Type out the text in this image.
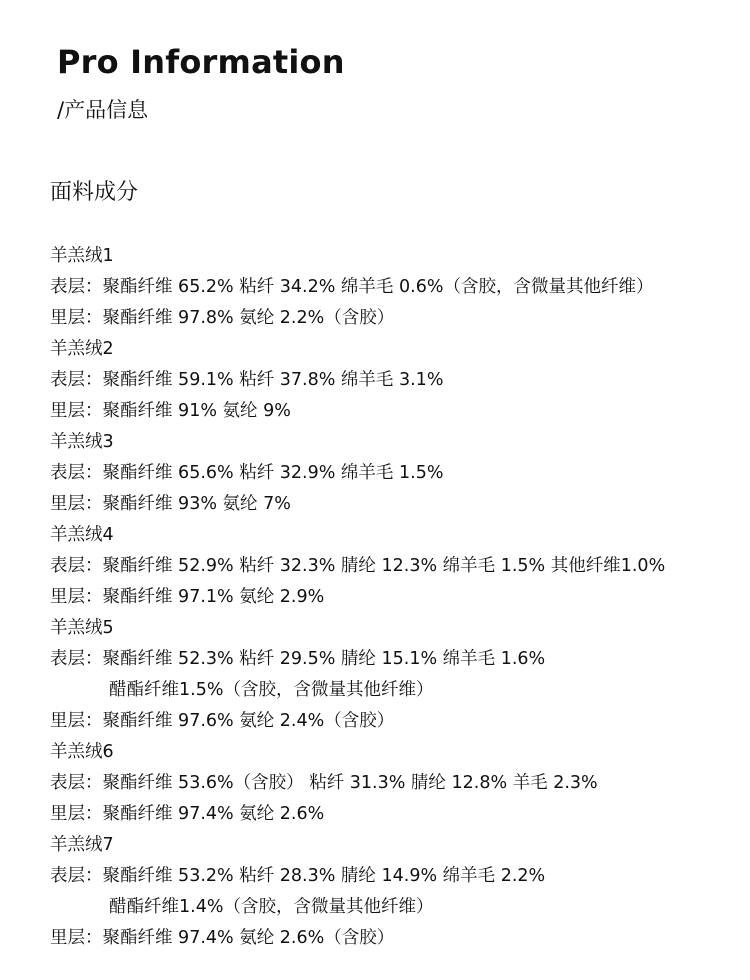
Pro Information
/产品信息
面料成分
羊羔绒1
表层：聚酯纤维 65.2% 粘纤 34.2% 绵羊毛 0.6%（含胶，含微量其他纤维）
里层：聚酯纤维 97.8% 氨纶 2.2%（含胶）
羊羔绒2
表层：聚酯纤维 59.1% 粘纤 37.8% 绵羊毛 3.1%
里层：聚酯纤维 91% 氨纶 9%
羊羔绒3
表层：聚酯纤维 65.6% 粘纤 32.9% 绵羊毛 1.5%
里层：聚酯纤维 93% 氨纶 7%
羊羔绒4
表层：聚酯纤维 52.9% 粘纤 32.3% 腈纶 12.3% 绵羊毛 1.5% 其他纤维1.0%
里层：聚酯纤维 97.1% 氨纶 2.9%
羊羔绒5
表层：聚酯纤维 52.3% 粘纤 29.5% 腈纶 15.1% 绵羊毛 1.6%
醋酯纤维1.5%（含胶，含微量其他纤维）
里层：聚酯纤维 97.6% 氨纶 2.4%（含胶）
羊羔绒6
表层：聚酯纤维 53.6%（含胶） 粘纤 31.3% 腈纶 12.8% 羊毛 2.3%
里层：聚酯纤维 97.4% 氨纶 2.6%
羊羔绒7
表层：聚酯纤维 53.2% 粘纤 28.3% 腈纶 14.9% 绵羊毛 2.2%
醋酯纤维1.4%（含胶，含微量其他纤维）
里层：聚酯纤维 97.4% 氨纶 2.6%（含胶）
